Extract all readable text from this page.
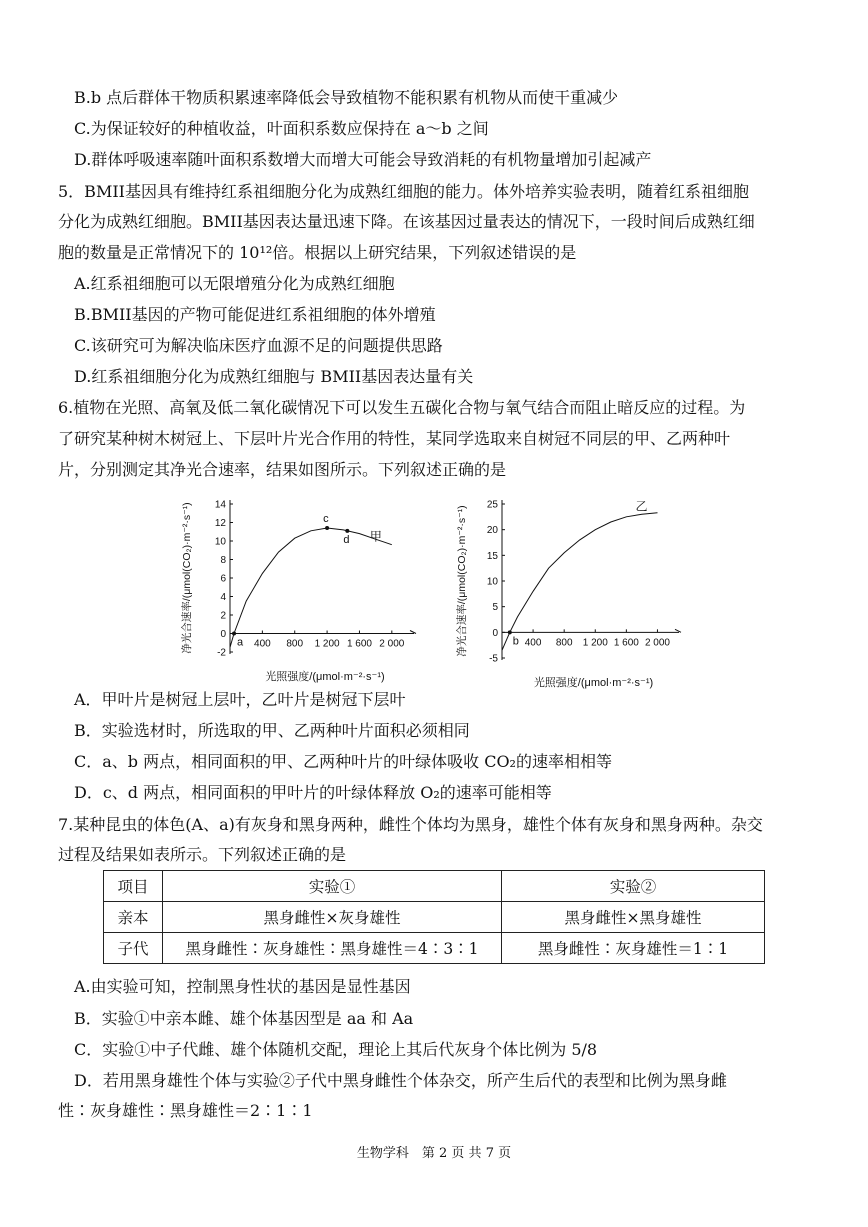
B.b 点后群体干物质积累速率降低会导致植物不能积累有机物从而使干重减少
C.为保证较好的种植收益，叶面积系数应保持在 a～b 之间
D.群体呼吸速率随叶面积系数增大而增大可能会导致消耗的有机物量增加引起减产
5．BMII基因具有维持红系祖细胞分化为成熟红细胞的能力。体外培养实验表明，随着红系祖细胞
分化为成熟红细胞。BMII基因表达量迅速下降。在该基因过量表达的情况下，一段时间后成熟红细
胞的数量是正常情况下的 10¹²倍。根据以上研究结果，下列叙述错误的是
A.红系祖细胞可以无限增殖分化为成熟红细胞
B.BMII基因的产物可能促进红系祖细胞的体外增殖
C.该研究可为解决临床医疗血源不足的问题提供思路
D.红系祖细胞分化为成熟红细胞与 BMII基因表达量有关
6.植物在光照、高氧及低二氧化碳情况下可以发生五碳化合物与氧气结合而阻止暗反应的过程。为
了研究某种树木树冠上、下层叶片光合作用的特性，某同学选取来自树冠不同层的甲、乙两种叶
片，分别测定其净光合速率，结果如图所示。下列叙述正确的是
-2
0
2
4
6
8
10
12
14
400 800 1 200 1 600 2 000
甲
a
c
d
光照强度/(μmol·m⁻²·s⁻¹)
净光合速率/(μmol(CO₂)·m⁻²·s⁻¹)
-5
0
5
10
15
20
25
400 800 1 200 1 600 2 000
乙
b
光照强度/(μmol·m⁻²·s⁻¹)
净光合速率/(μmol(CO₂)·m⁻²·s⁻¹)
A．甲叶片是树冠上层叶，乙叶片是树冠下层叶
B．实验选材时，所选取的甲、乙两种叶片面积必须相同
C．a、b 两点，相同面积的甲、乙两种叶片的叶绿体吸收 CO₂的速率相相等
D．c、d 两点，相同面积的甲叶片的叶绿体释放 O₂的速率可能相等
7.某种昆虫的体色(A、a)有灰身和黑身两种，雌性个体均为黑身，雄性个体有灰身和黑身两种。杂交
过程及结果如表所示。下列叙述正确的是
项目	实验①	实验②
亲本	黑身雌性×灰身雄性	黑身雌性×黑身雄性
子代	黑身雌性∶灰身雄性∶黑身雄性＝4∶3∶1	黑身雌性∶灰身雄性＝1∶1
A.由实验可知，控制黑身性状的基因是显性基因
B．实验①中亲本雌、雄个体基因型是 aa 和 Aa
C．实验①中子代雌、雄个体随机交配，理论上其后代灰身个体比例为 5/8
D．若用黑身雄性个体与实验②子代中黑身雌性个体杂交，所产生后代的表型和比例为黑身雌
性∶灰身雄性∶黑身雄性＝2∶1∶1
生物学科　第 2 页 共 7 页
